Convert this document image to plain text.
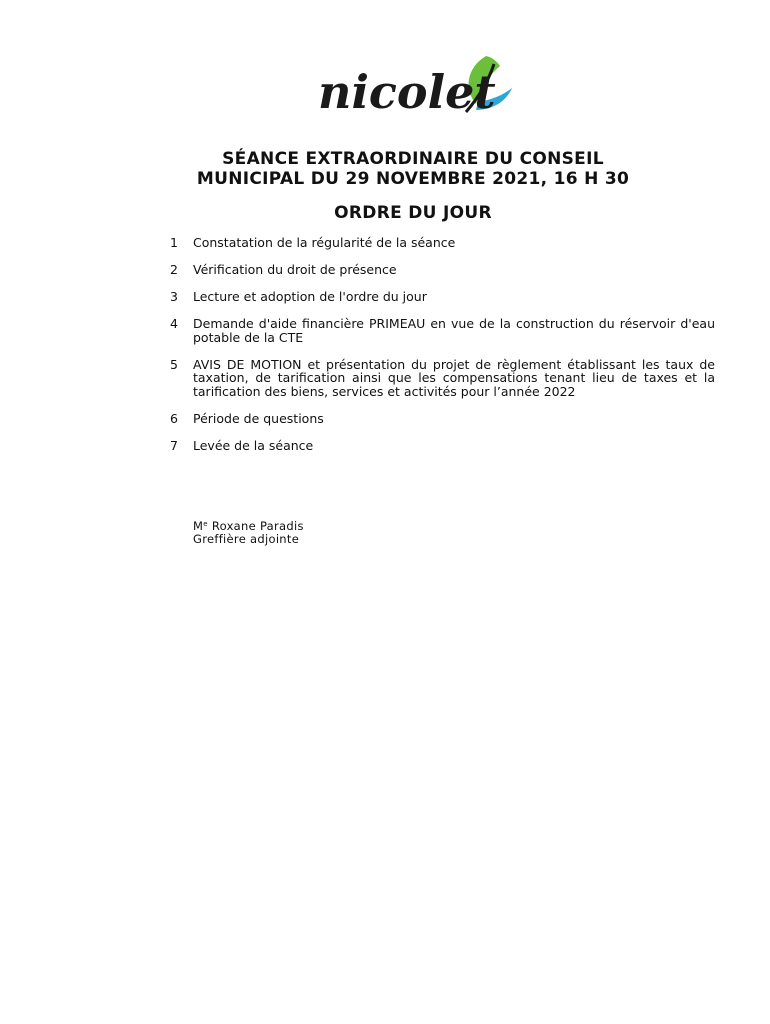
nicolet
SÉANCE EXTRAORDINAIRE DU CONSEIL
MUNICIPAL DU 29 NOVEMBRE 2021, 16 H 30
ORDRE DU JOUR
1	Constatation de la régularité de la séance
2	Vérification du droit de présence
3	Lecture et adoption de l'ordre du jour
4	Demande d'aide financière PRIMEAU en vue de la construction du réservoir d'eau potable de la CTE
5	AVIS DE MOTION et présentation du projet de règlement établissant les taux de taxation, de tarification ainsi que les compensations tenant lieu de taxes et la tarification des biens, services et activités pour l’année 2022
6	Période de questions
7	Levée de la séance
Me Roxane Paradis
Greffière adjointe
